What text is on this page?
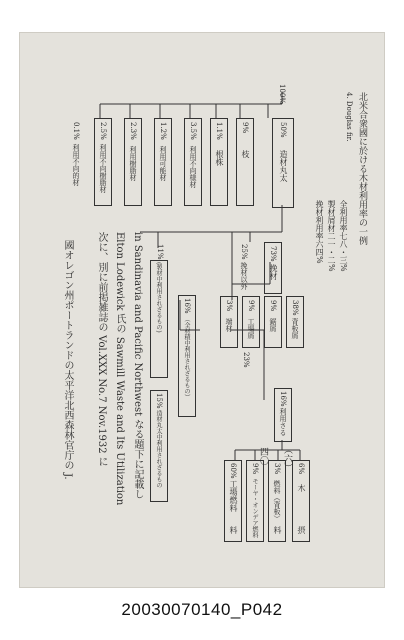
四〇 （六）
北米合衆國に於ける木材利用率の一例
4. Douglas fir.
全利用率七八・三%
製材屑材二一・二%
挽材利用率六四%
100%
50%
造材丸太
9%
枝
1.1%
根株
3.5%
利用不向様材
1.2%
利用可能材
2.3%
利用樹脂材
2.5%
利用不向樹脂材
0.1%
利用不向的材
73%
挽材
25%
挽材以外
11%
(製材中利用されざるもの)	16%
（全材積中利用されざるもの）
15%
造材丸太中利用されざるもの
38%
背板屑
9%
鋸屑
9%
工場屑
3%
端材
16%
利用さる
23%
6%
木
摂
3%
燃料（背板）
料
9%
モーヤ・オンデア燃料
60%
工場燃料
料
次に、別に前掲雑誌の Vol.XXX No.7 Nov.1932 に Elton Lodewick 氏の Sawmill Waste and Its Utilization in Sandinavia and Pacific Northwest なる題下に記載し
國オレゴン州ポートランドの太平洋北西森林官庁の J.
20030070140_P042
